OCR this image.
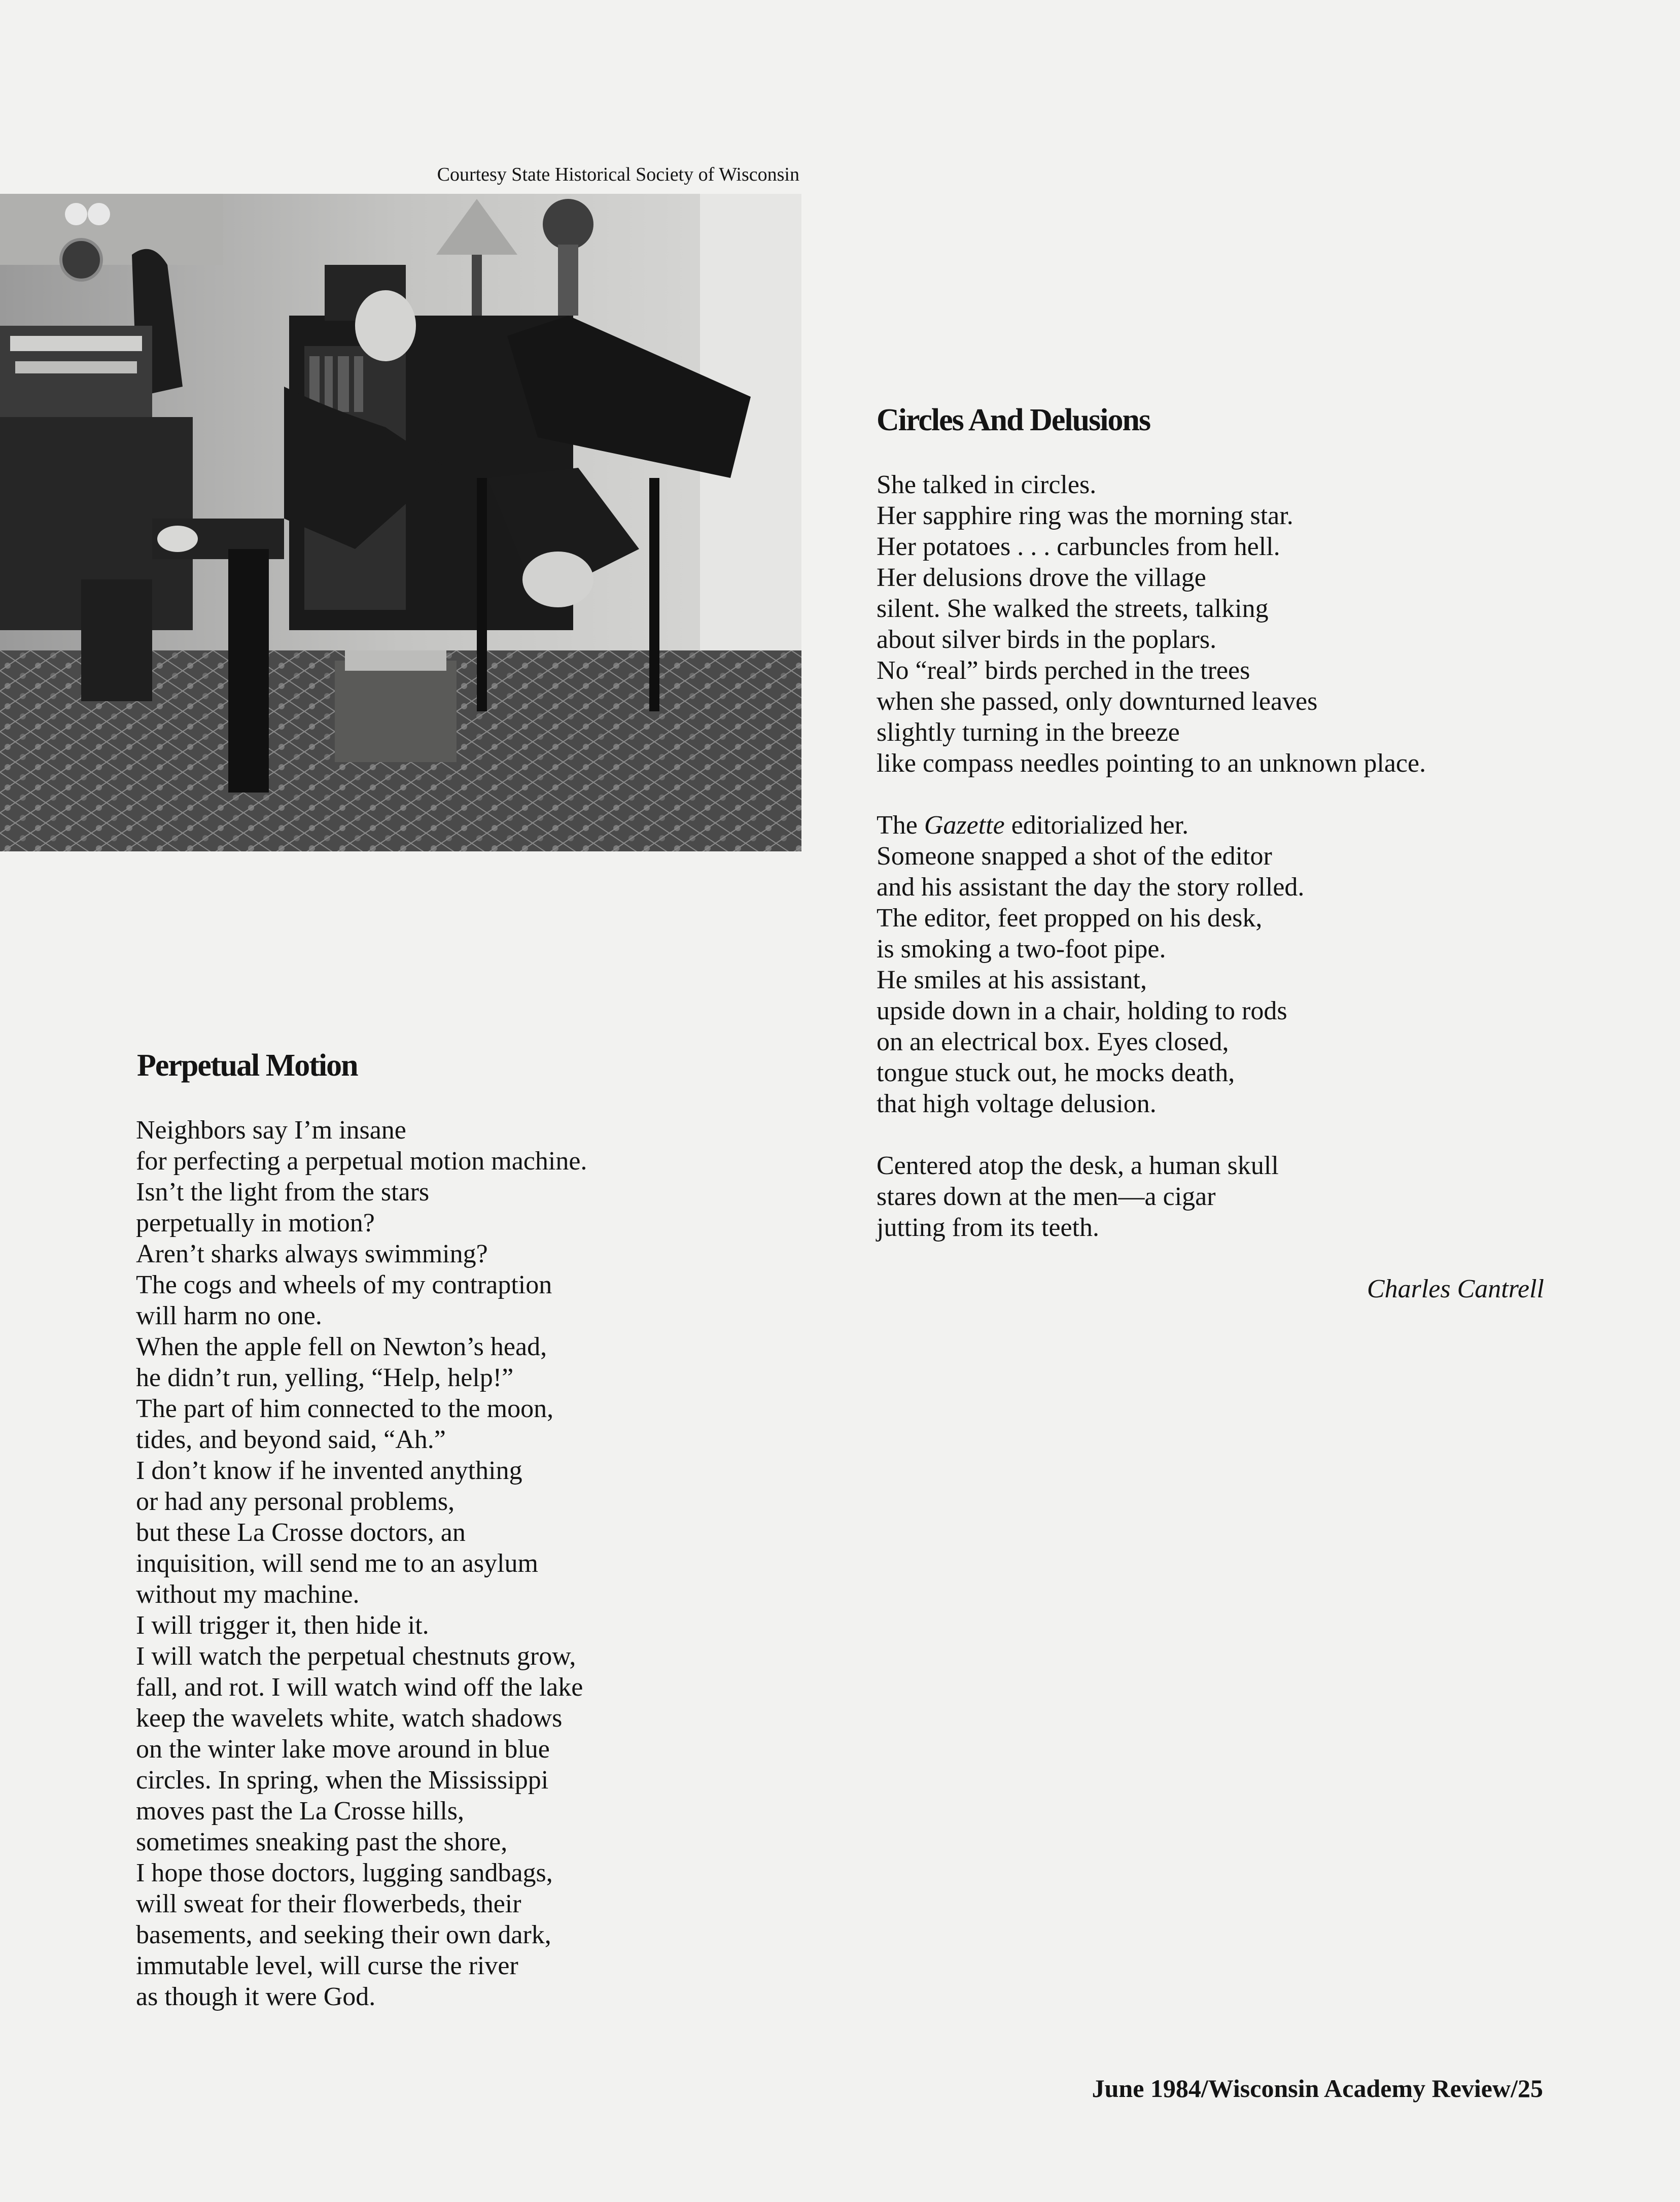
Courtesy State Historical Society of Wisconsin
Perpetual Motion
Neighbors say I’m insane
for perfecting a perpetual motion machine.
Isn’t the light from the stars
perpetually in motion?
Aren’t sharks always swimming?
The cogs and wheels of my contraption
will harm no one.
When the apple fell on Newton’s head,
he didn’t run, yelling, “Help, help!”
The part of him connected to the moon,
tides, and beyond said, “Ah.”
I don’t know if he invented anything
or had any personal problems,
but these La Crosse doctors, an
inquisition, will send me to an asylum
without my machine.
I will trigger it, then hide it.
I will watch the perpetual chestnuts grow,
fall, and rot. I will watch wind off the lake
keep the wavelets white, watch shadows
on the winter lake move around in blue
circles. In spring, when the Mississippi
moves past the La Crosse hills,
sometimes sneaking past the shore,
I hope those doctors, lugging sandbags,
will sweat for their flowerbeds, their
basements, and seeking their own dark,
immutable level, will curse the river
as though it were God.
Circles And Delusions
She talked in circles.
Her sapphire ring was the morning star.
Her potatoes . . . carbuncles from hell.
Her delusions drove the village
silent. She walked the streets, talking
about silver birds in the poplars.
No “real” birds perched in the trees
when she passed, only downturned leaves
slightly turning in the breeze
like compass needles pointing to an unknown place.
The Gazette editorialized her.
Someone snapped a shot of the editor
and his assistant the day the story rolled.
The editor, feet propped on his desk,
is smoking a two-foot pipe.
He smiles at his assistant,
upside down in a chair, holding to rods
on an electrical box. Eyes closed,
tongue stuck out, he mocks death,
that high voltage delusion.
Centered atop the desk, a human skull
stares down at the men—a cigar
jutting from its teeth.
Charles Cantrell
June 1984/Wisconsin Academy Review/25
